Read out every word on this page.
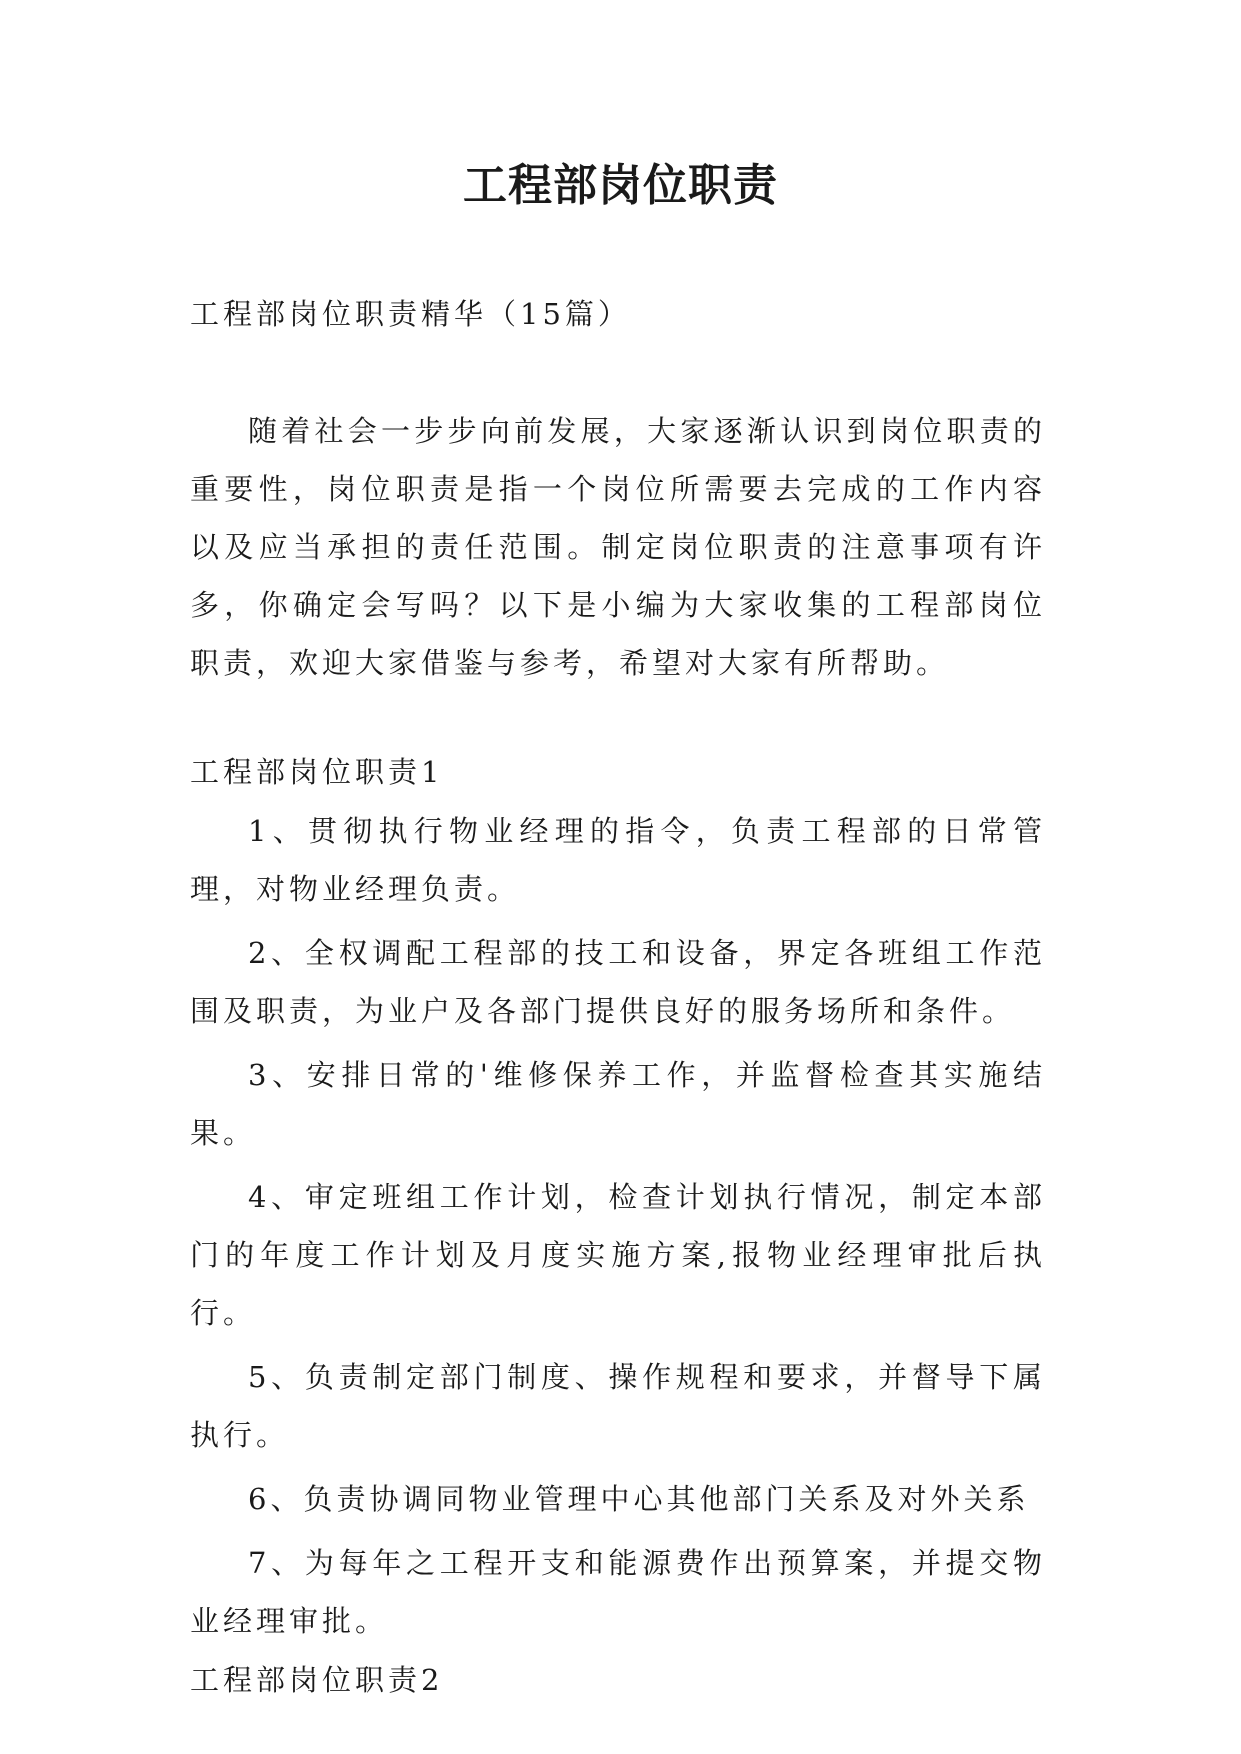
工程部岗位职责

工程部岗位职责精华（15篇）

随着社会一步步向前发展，大家逐渐认识到岗位职责的重要性，岗位职责是指一个岗位所需要去完成的工作内容以及应当承担的责任范围。制定岗位职责的注意事项有许多，你确定会写吗？以下是小编为大家收集的工程部岗位职责，欢迎大家借鉴与参考，希望对大家有所帮助。

工程部岗位职责1

1、贯彻执行物业经理的指令，负责工程部的日常管理，对物业经理负责。

2、全权调配工程部的技工和设备，界定各班组工作范围及职责，为业户及各部门提供良好的服务场所和条件。

3、安排日常的'维修保养工作，并监督检查其实施结果。

4、审定班组工作计划，检查计划执行情况，制定本部门的年度工作计划及月度实施方案,报物业经理审批后执行。

5、负责制定部门制度、操作规程和要求，并督导下属执行。

6、负责协调同物业管理中心其他部门关系及对外关系

7、为每年之工程开支和能源费作出预算案，并提交物业经理审批。

工程部岗位职责2
